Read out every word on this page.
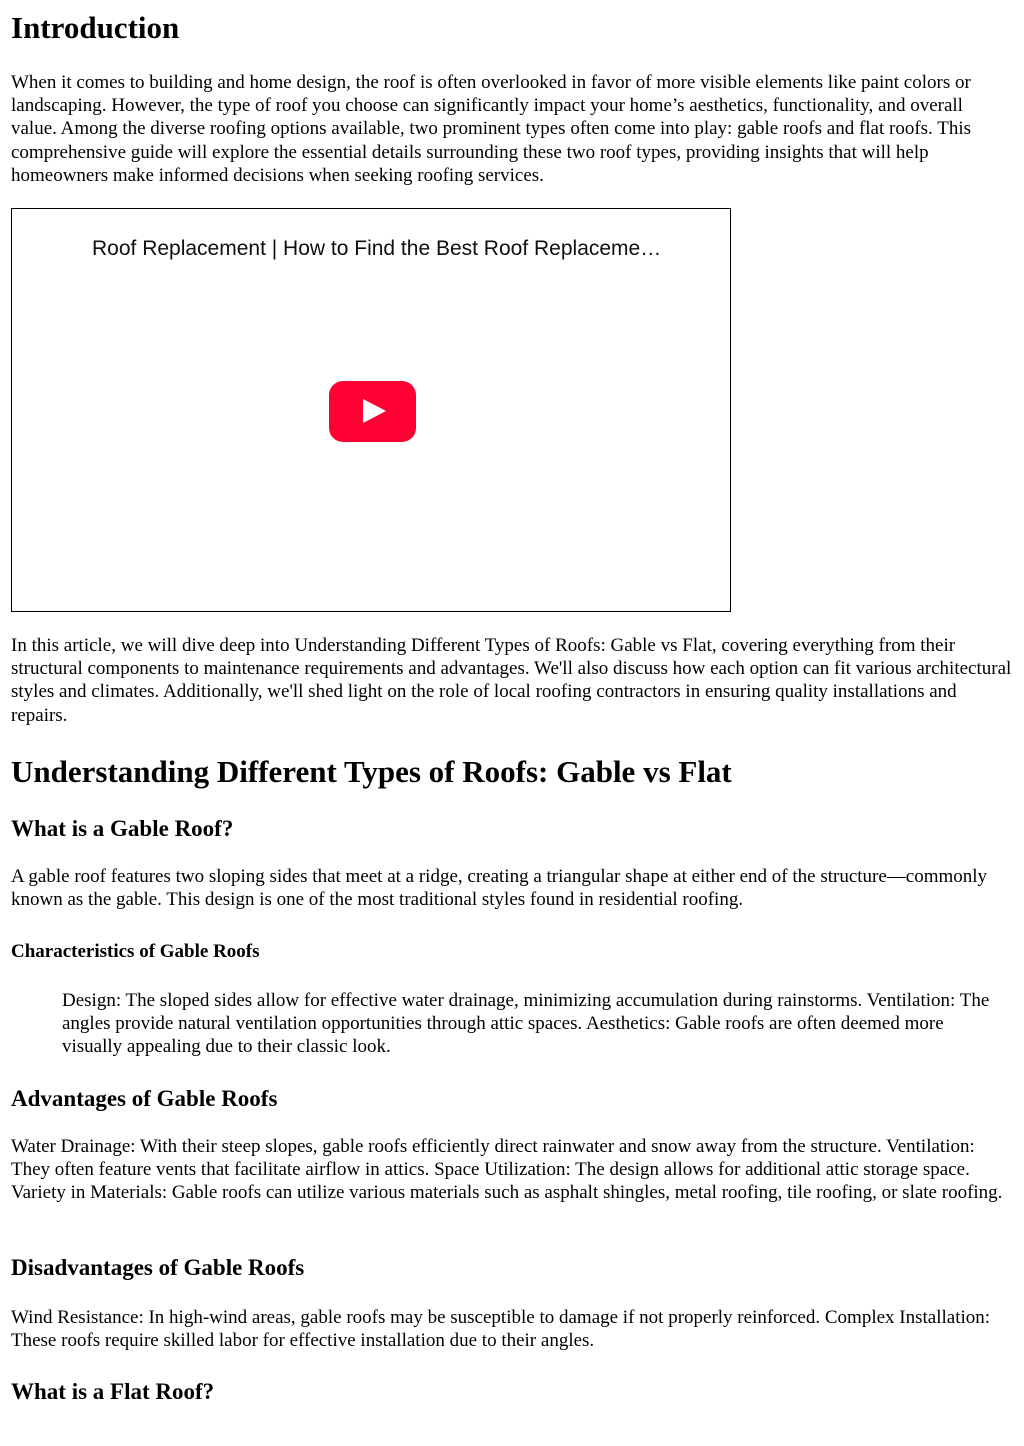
Introduction

When it comes to building and home design, the roof is often overlooked in favor of more visible elements like paint colors or landscaping. However, the type of roof you choose can significantly impact your home’s aesthetics, functionality, and overall value. Among the diverse roofing options available, two prominent types often come into play: gable roofs and flat roofs. This comprehensive guide will explore the essential details surrounding these two roof types, providing insights that will help homeowners make informed decisions when seeking roofing services.

Roof Replacement | How to Find the Best Roof Replaceme…

In this article, we will dive deep into Understanding Different Types of Roofs: Gable vs Flat, covering everything from their structural components to maintenance requirements and advantages. We'll also discuss how each option can fit various architectural styles and climates. Additionally, we'll shed light on the role of local roofing contractors in ensuring quality installations and repairs.

Understanding Different Types of Roofs: Gable vs Flat
What is a Gable Roof?

A gable roof features two sloping sides that meet at a ridge, creating a triangular shape at either end of the structure—commonly known as the gable. This design is one of the most traditional styles found in residential roofing.

Characteristics of Gable Roofs

Design: The sloped sides allow for effective water drainage, minimizing accumulation during rainstorms. Ventilation: The angles provide natural ventilation opportunities through attic spaces. Aesthetics: Gable roofs are often deemed more visually appealing due to their classic look.

Advantages of Gable Roofs

Water Drainage: With their steep slopes, gable roofs efficiently direct rainwater and snow away from the structure. Ventilation: They often feature vents that facilitate airflow in attics. Space Utilization: The design allows for additional attic storage space. Variety in Materials: Gable roofs can utilize various materials such as asphalt shingles, metal roofing, tile roofing, or slate roofing.

Disadvantages of Gable Roofs

Wind Resistance: In high-wind areas, gable roofs may be susceptible to damage if not properly reinforced. Complex Installation: These roofs require skilled labor for effective installation due to their angles.

What is a Flat Roof?
